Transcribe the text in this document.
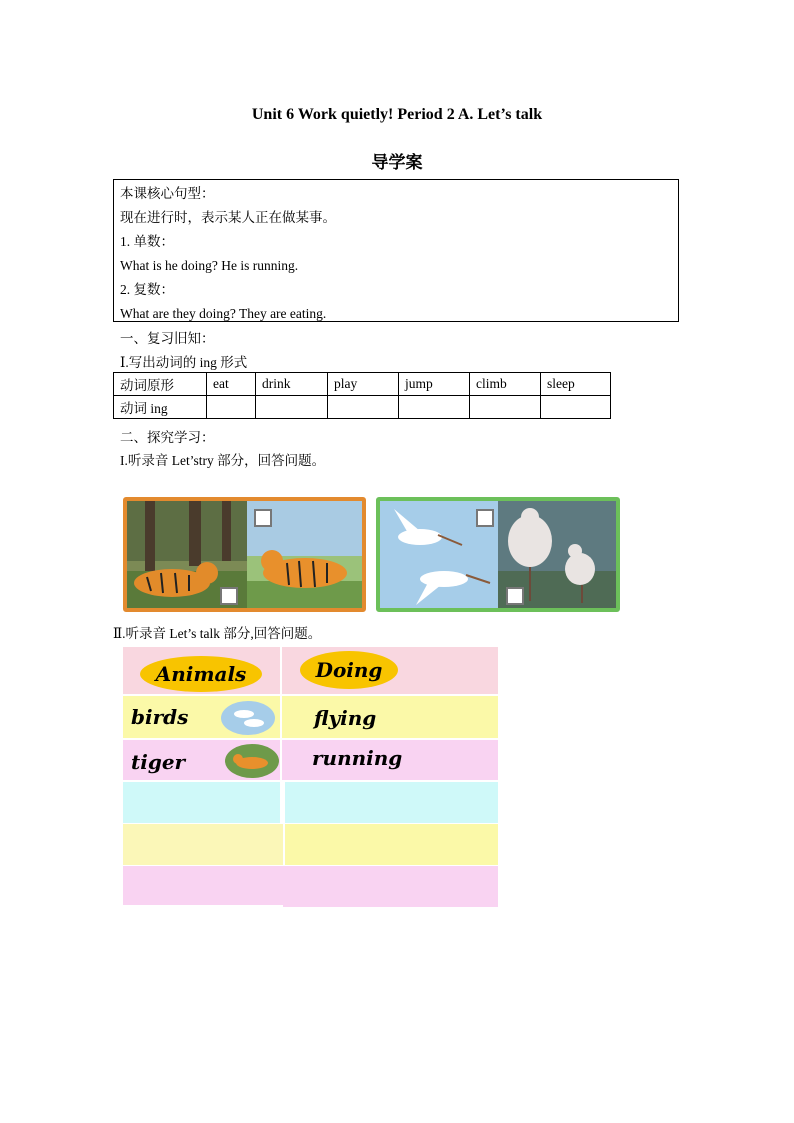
Unit 6 Work quietly! Period 2 A. Let’s talk
导学案
本课核心句型：
现在进行时，表示某人正在做某事。
1. 单数：
What is he doing? He is running.
2. 复数：
What are they doing? They are eating.
一、复习旧知：
Ⅰ.写出动词的 ing 形式
动词原形	eat	drink	play	jump	climb	sleep
动词 ing						
二、探究学习：
I.听录音 Let’stry 部分，回答问题。
Ⅱ.听录音 Let’s talk 部分,回答问题。
Animals	Doing
birds	flying
tiger	running
